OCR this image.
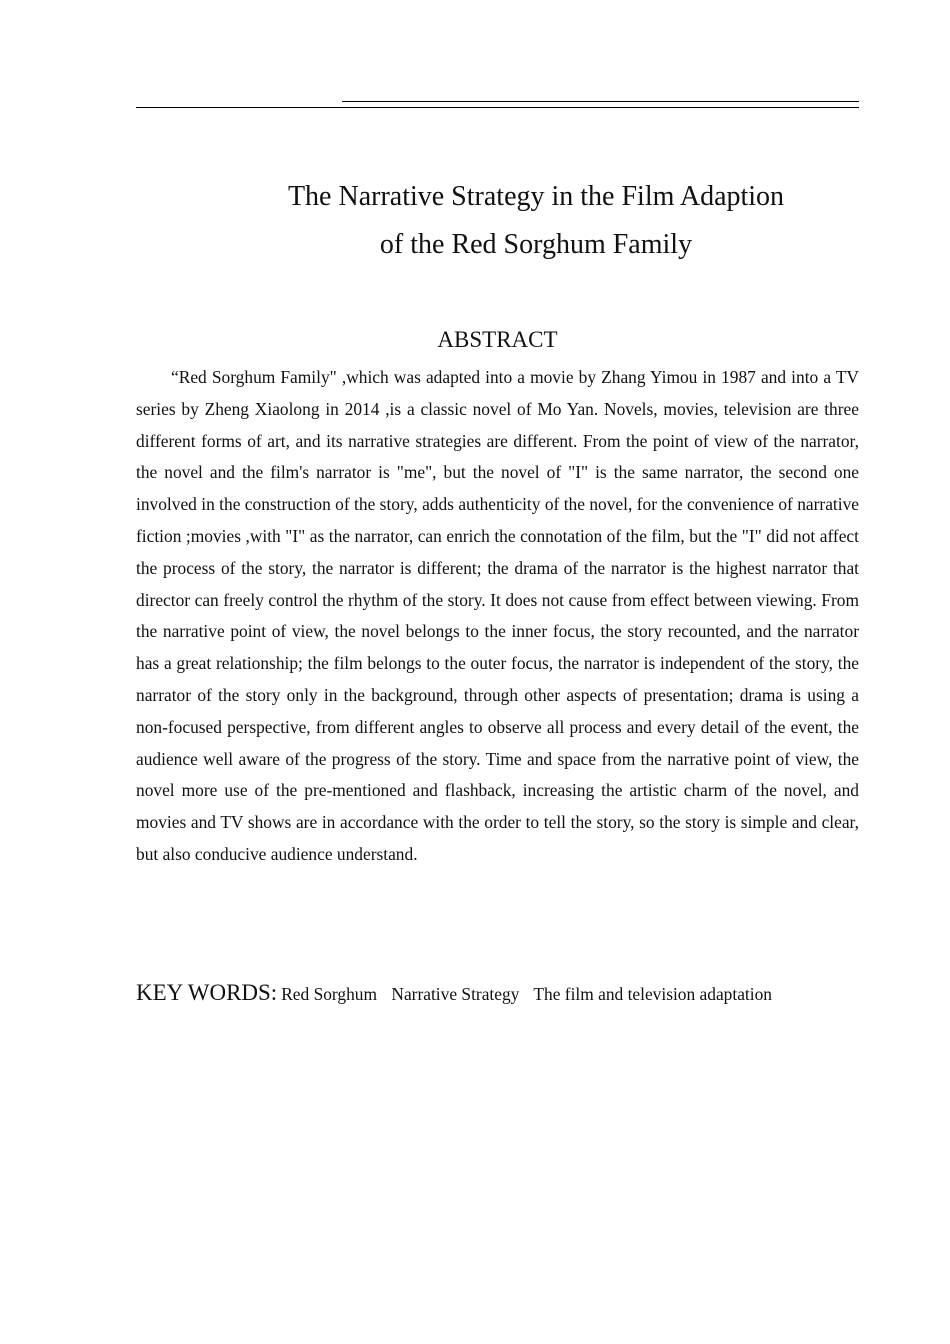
The Narrative Strategy in the Film Adaption
of the Red Sorghum Family
ABSTRACT
“Red Sorghum Family" ,which was adapted into a movie by Zhang Yimou in 1987 and into a TV series by Zheng Xiaolong in 2014 ,is a classic novel of Mo Yan. Novels, movies, television are three different forms of art, and its narrative strategies are different. From the point of view of the narrator, the novel and the film's narrator is "me", but the novel of "I" is the same narrator, the second one involved in the construction of the story, adds authenticity of the novel, for the convenience of narrative fiction ;movies ,with "I" as the narrator, can enrich the connotation of the film, but the "I" did not affect the process of the story, the narrator is different; the drama of the narrator is the highest narrator that director can freely control the rhythm of the story. It does not cause from effect between viewing. From the narrative point of view, the novel belongs to the inner focus, the story recounted, and the narrator has a great relationship; the film belongs to the outer focus, the narrator is independent of the story, the narrator of the story only in the background, through other aspects of presentation; drama is using a non-focused perspective, from different angles to observe all process and every detail of the event, the audience well aware of the progress of the story. Time and space from the narrative point of view, the novel more use of the pre-mentioned and flashback, increasing the artistic charm of the novel, and movies and TV shows are in accordance with the order to tell the story, so the story is simple and clear, but also conducive audience understand.
KEY WORDS: Red Sorghum Narrative Strategy The film and television adaptation
